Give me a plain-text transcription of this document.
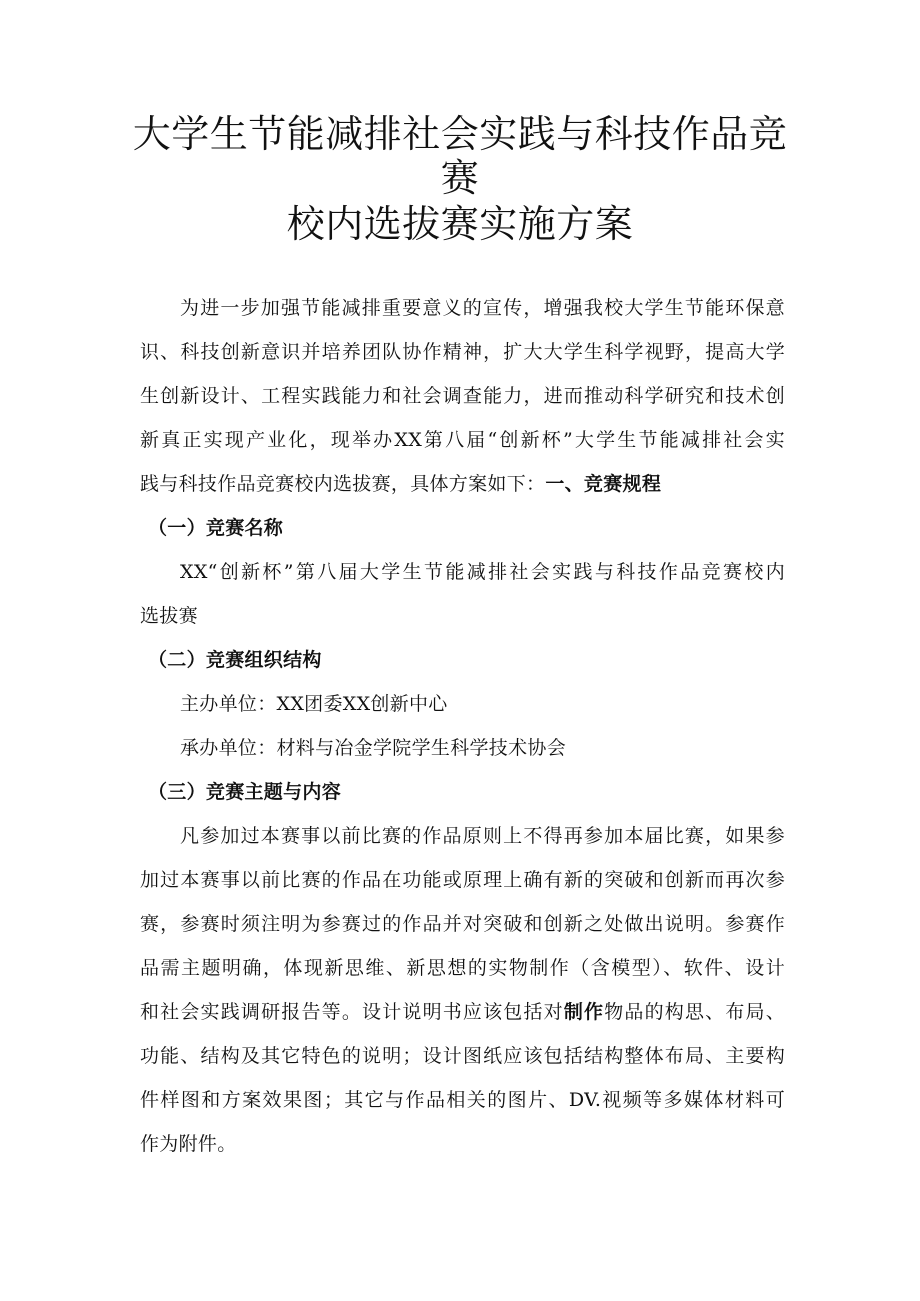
大学生节能减排社会实践与科技作品竞
赛
校内选拔赛实施方案

为进一步加强节能减排重要意义的宣传，增强我校大学生节能环保意

识、科技创新意识并培养团队协作精神，扩大大学生科学视野，提高大学

生创新设计、工程实践能力和社会调查能力，进而推动科学研究和技术创

新真正实现产业化，现举办XX第八届“创新杯”大学生节能减排社会实

践与科技作品竞赛校内选拔赛，具体方案如下：一、竞赛规程

（一）竞赛名称

XX“创新杯”第八届大学生节能减排社会实践与科技作品竞赛校内

选拔赛

（二）竞赛组织结构

主办单位：XX团委XX创新中心

承办单位：材料与冶金学院学生科学技术协会

（三）竞赛主题与内容

凡参加过本赛事以前比赛的作品原则上不得再参加本届比赛，如果参

加过本赛事以前比赛的作品在功能或原理上确有新的突破和创新而再次参

赛，参赛时须注明为参赛过的作品并对突破和创新之处做出说明。参赛作

品需主题明确，体现新思维、新思想的实物制作（含模型）、软件、设计

和社会实践调研报告等。设计说明书应该包括对制作物品的构思、布局、

功能、结构及其它特色的说明；设计图纸应该包括结构整体布局、主要构

件样图和方案效果图；其它与作品相关的图片、DV.视频等多媒体材料可

作为附件。
